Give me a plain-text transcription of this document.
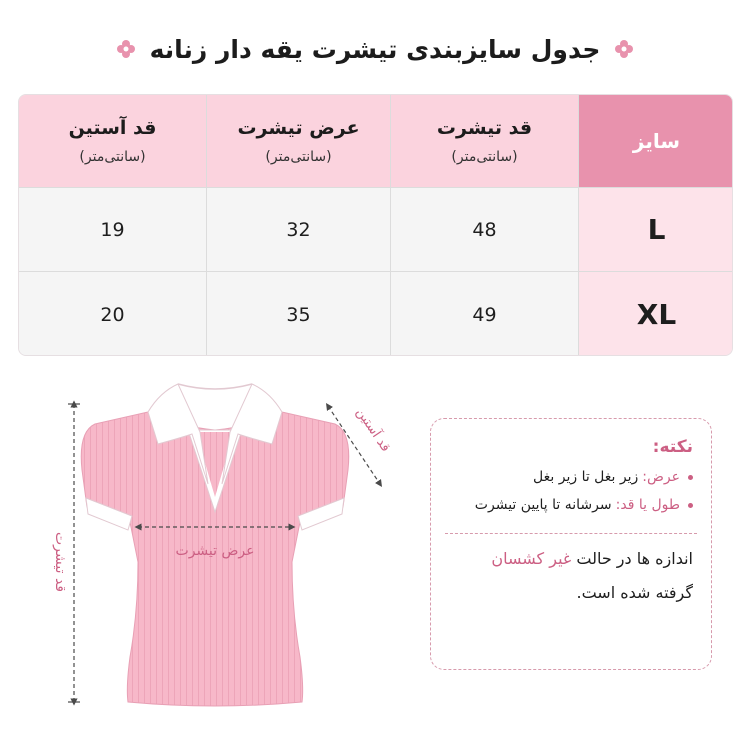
جدول سایزبندی تیشرت یقه دار زنانه
قد آستین
(سانتی‌متر)
عرض تیشرت
(سانتی‌متر)
قد تیشرت
(سانتی‌متر)
سایز
19	32	48	L
20	35	49	XL
قد تیشرت	عرض تیشرت
قد آستین	نکته:
عرض:
زیر بغل تا زیر بغل
طول یا قد:
سرشانه تا پایین تیشرت
اندازه ها در حالت غیر کشسان
گرفته شده است.
